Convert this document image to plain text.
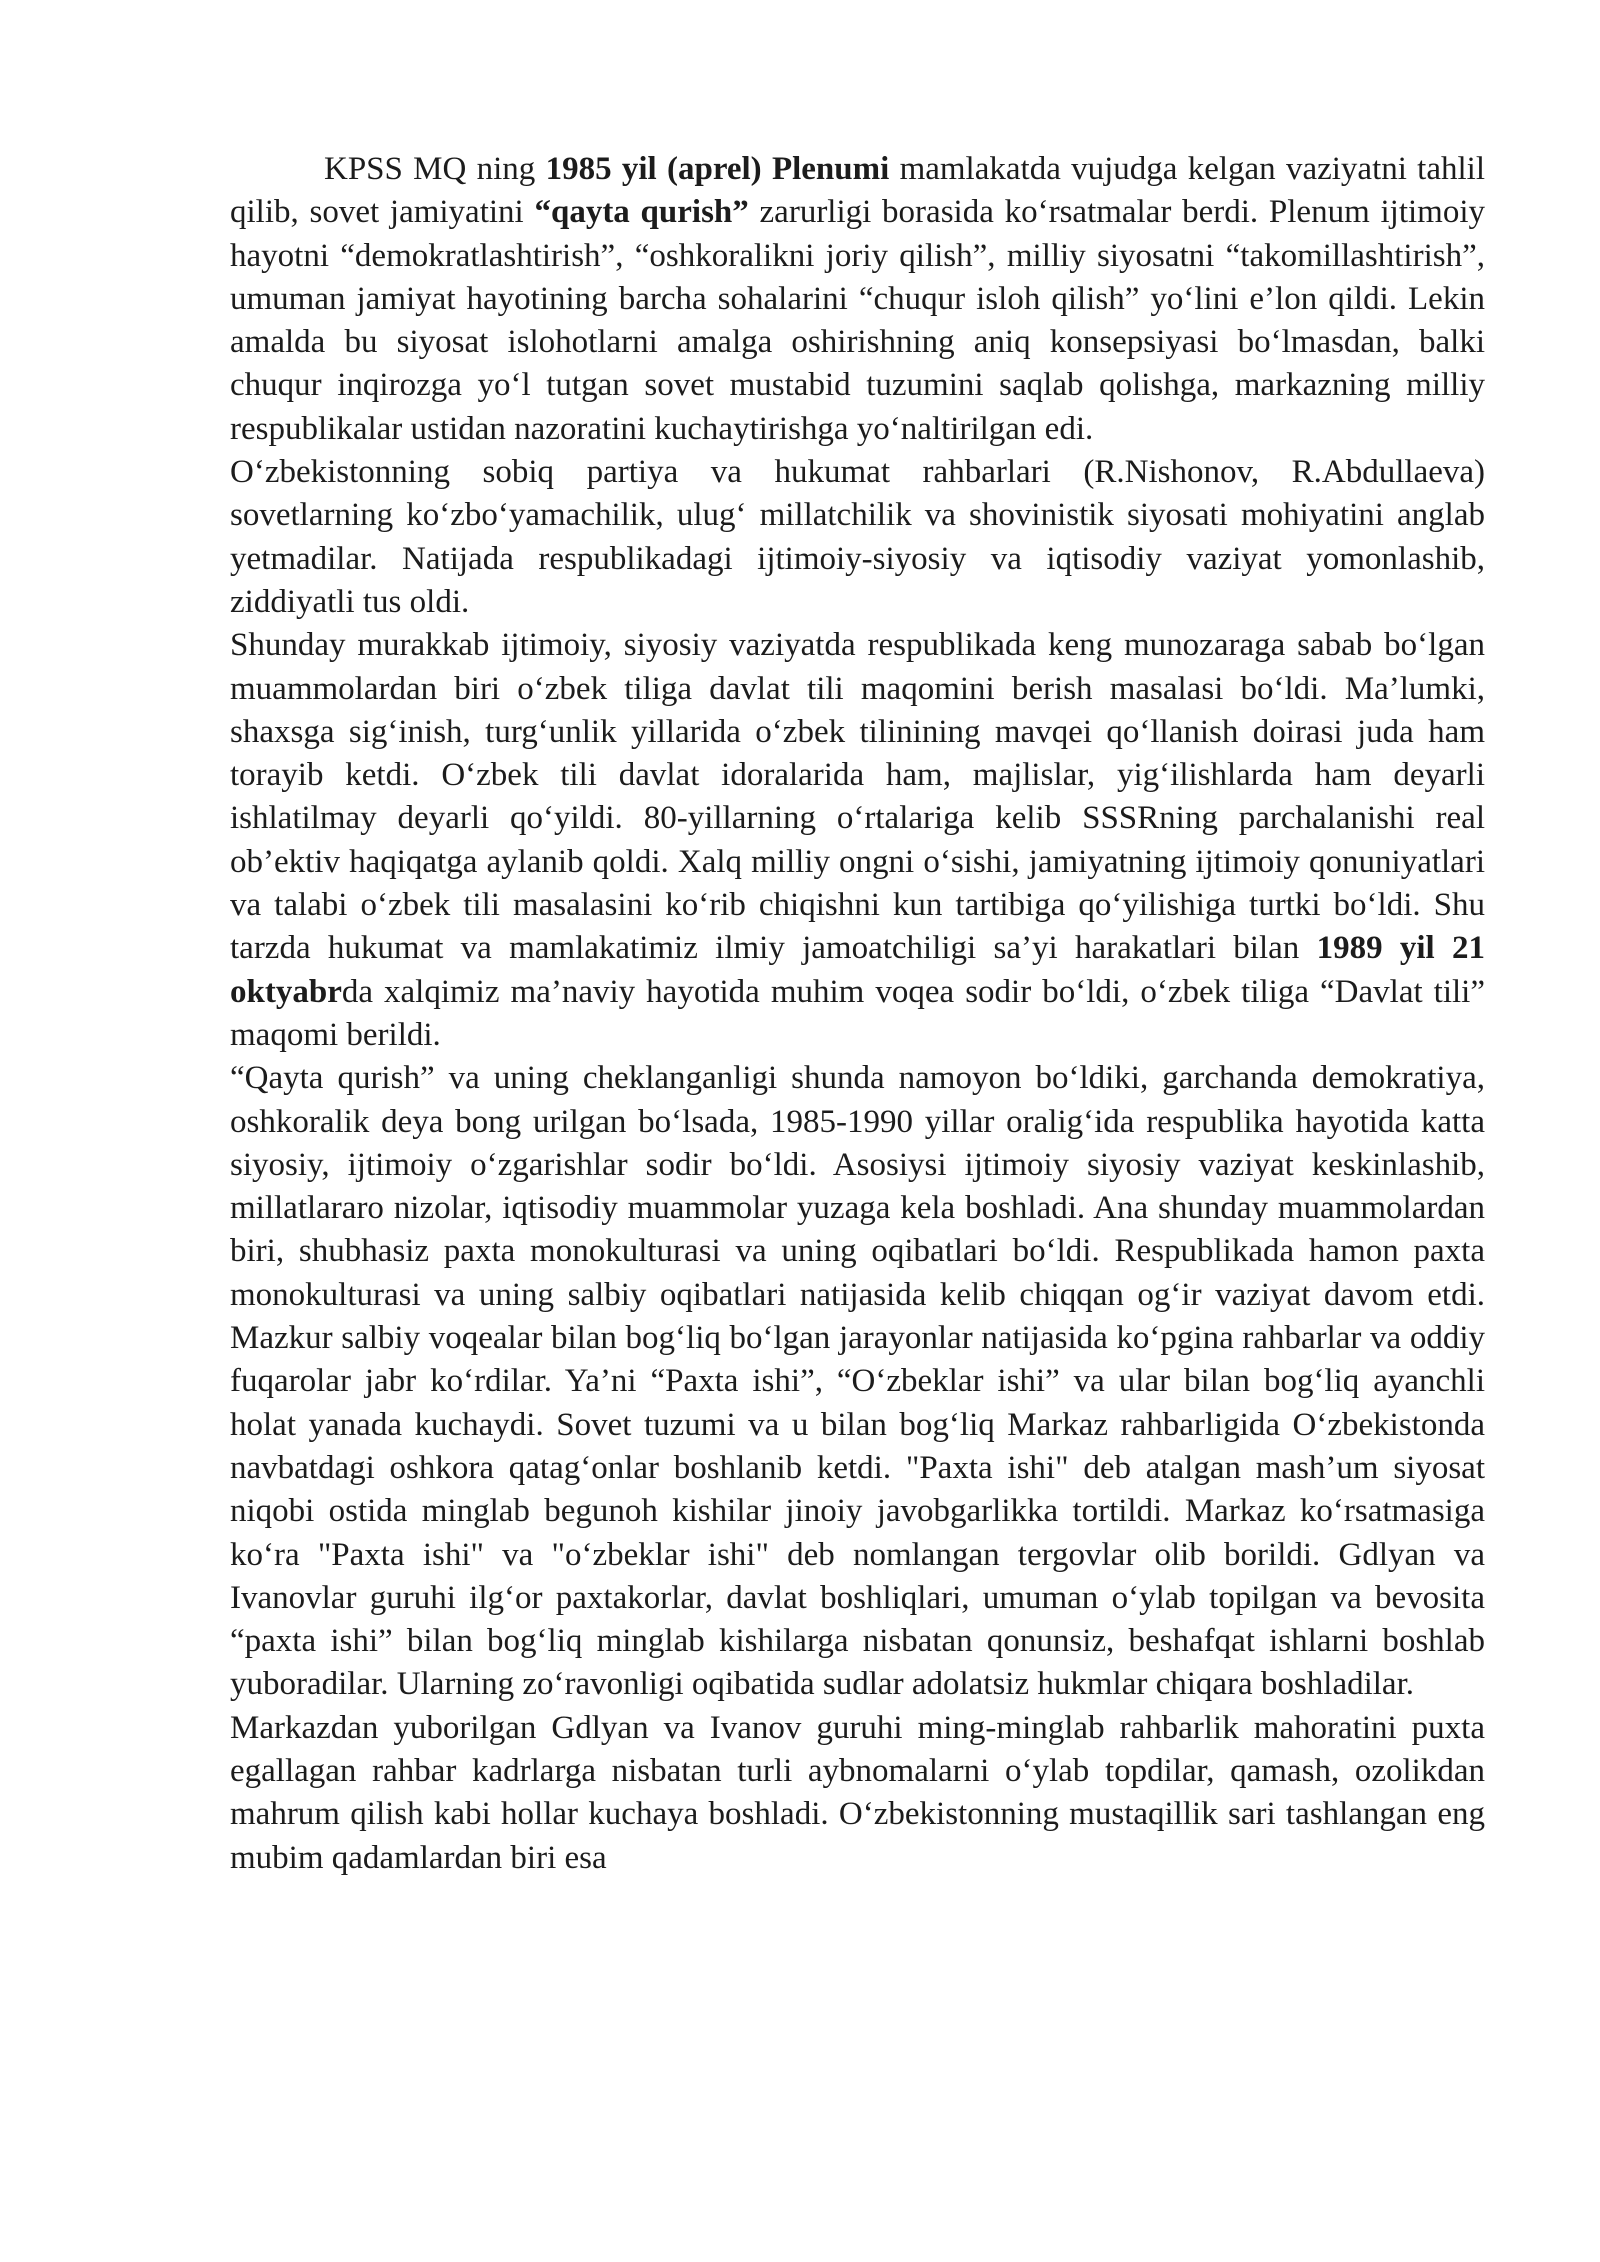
KPSS MQ ning 1985 yil (aprel) Plenumi mamlakatda vujudga kelgan vaziyatni tahlil qilib, sovet jamiyatini “qayta qurish” zarurligi borasida koʻrsatmalar berdi. Plenum ijtimoiy hayotni “demokratlashtirish”, “oshkoralikni joriy qilish”, milliy siyosatni “takomillashtirish”, umuman jamiyat hayotining barcha sohalarini “chuqur isloh qilish” yoʻlini e’lon qildi. Lekin amalda bu siyosat islohotlarni amalga oshirishning aniq konsepsiyasi boʻlmasdan, balki chuqur inqirozga yoʻl tutgan sovet mustabid tuzumini saqlab qolishga, markazning milliy respublikalar ustidan nazoratini kuchaytirishga yoʻnaltirilgan edi.

Oʻzbekistonning sobiq partiya va hukumat rahbarlari (R.Nishonov, R.Abdullaeva) sovetlarning koʻzboʻyamachilik, ulugʻ millatchilik va shovinistik siyosati mohiyatini anglab yetmadilar. Natijada respublikadagi ijtimoiy-siyosiy va iqtisodiy vaziyat yomonlashib, ziddiyatli tus oldi.

Shunday murakkab ijtimoiy, siyosiy vaziyatda respublikada keng munozaraga sabab boʻlgan muammolardan biri oʻzbek tiliga davlat tili maqomini berish masalasi boʻldi. Ma’lumki, shaxsga sigʻinish, turgʻunlik yillarida oʻzbek tilinining mavqei qoʻllanish doirasi juda ham torayib ketdi. Oʻzbek tili davlat idoralarida ham, majlislar, yigʻilishlarda ham deyarli ishlatilmay deyarli qoʻyildi. 80-yillarning oʻrtalariga kelib SSSRning parchalanishi real ob’ektiv haqiqatga aylanib qoldi. Xalq milliy ongni oʻsishi, jamiyatning ijtimoiy qonuniyatlari va talabi oʻzbek tili masalasini koʻrib chiqishni kun tartibiga qoʻyilishiga turtki boʻldi. Shu tarzda hukumat va mamlakatimiz ilmiy jamoatchiligi sa’yi harakatlari bilan 1989 yil 21 oktyabrda xalqimiz ma’naviy hayotida muhim voqea sodir boʻldi, oʻzbek tiliga “Davlat tili” maqomi berildi.

“Qayta qurish” va uning cheklanganligi shunda namoyon boʻldiki, garchanda demokratiya, oshkoralik deya bong urilgan boʻlsada, 1985-1990 yillar oraligʻida respublika hayotida katta siyosiy, ijtimoiy oʻzgarishlar sodir boʻldi. Asosiysi ijtimoiy siyosiy vaziyat keskinlashib, millatlararo nizolar, iqtisodiy muammolar yuzaga kela boshladi. Ana shunday muammolardan biri, shubhasiz paxta monokulturasi va uning oqibatlari boʻldi. Respublikada hamon paxta monokulturasi va uning salbiy oqibatlari natijasida kelib chiqqan ogʻir vaziyat davom etdi. Mazkur salbiy voqealar bilan bogʻliq boʻlgan jarayonlar natijasida koʻpgina rahbarlar va oddiy fuqarolar jabr koʻrdilar. Ya’ni “Paxta ishi”, “Oʻzbeklar ishi” va ular bilan bogʻliq ayanchli holat yanada kuchaydi. Sovet tuzumi va u bilan bogʻliq Markaz rahbarligida Oʻzbekistonda navbatdagi oshkora qatagʻonlar boshlanib ketdi. "Paxta ishi" deb atalgan mash’um siyosat niqobi ostida minglab begunoh kishilar jinoiy javobgarlikka tortildi. Markaz koʻrsatmasiga koʻra "Paxta ishi" va "oʻzbeklar ishi" deb nomlangan tergovlar olib borildi. Gdlyan va Ivanovlar guruhi ilgʻor paxtakorlar, davlat boshliqlari, umuman oʻylab topilgan va bevosita “paxta ishi” bilan bogʻliq minglab kishilarga nisbatan qonunsiz, beshafqat ishlarni boshlab yuboradilar. Ularning zoʻravonligi oqibatida sudlar adolatsiz hukmlar chiqara boshladilar.

Markazdan yuborilgan Gdlyan va Ivanov guruhi ming-minglab rahbarlik mahoratini puxta egallagan rahbar kadrlarga nisbatan turli aybnomalarni oʻylab topdilar, qamash, ozolikdan mahrum qilish kabi hollar kuchaya boshladi. Oʻzbekistonning mustaqillik sari tashlangan eng mubim qadamlardan biri esa
